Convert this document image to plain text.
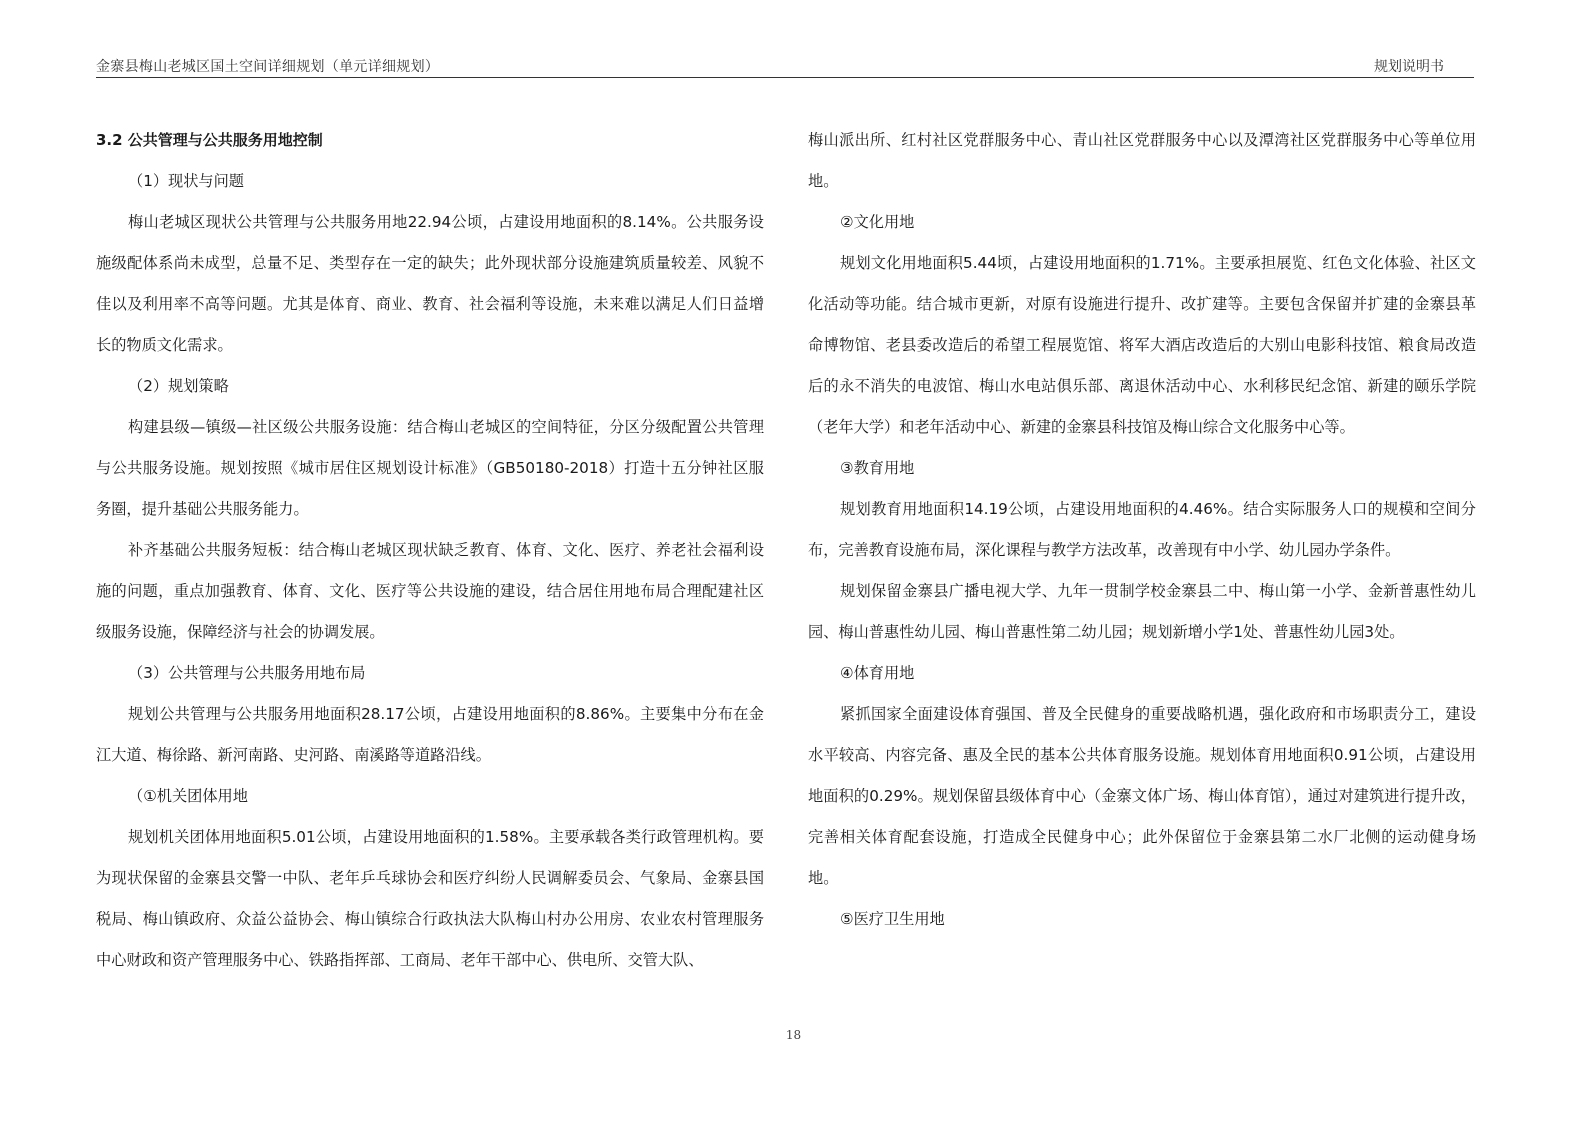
金寨县梅山老城区国土空间详细规划（单元详细规划）	规划说明书

3.2 公共管理与公共服务用地控制

（1）现状与问题

梅山老城区现状公共管理与公共服务用地22.94公顷，占建设用地面积的8.14%。公共服务设施级配体系尚未成型，总量不足、类型存在一定的缺失；此外现状部分设施建筑质量较差、风貌不佳以及利用率不高等问题。尤其是体育、商业、教育、社会福利等设施，未来难以满足人们日益增长的物质文化需求。

（2）规划策略

构建县级—镇级—社区级公共服务设施：结合梅山老城区的空间特征，分区分级配置公共管理与公共服务设施。规划按照《城市居住区规划设计标准》（GB50180-2018）打造十五分钟社区服务圈，提升基础公共服务能力。

补齐基础公共服务短板：结合梅山老城区现状缺乏教育、体育、文化、医疗、养老社会福利设施的问题，重点加强教育、体育、文化、医疗等公共设施的建设，结合居住用地布局合理配建社区级服务设施，保障经济与社会的协调发展。

（3）公共管理与公共服务用地布局

规划公共管理与公共服务用地面积28.17公顷，占建设用地面积的8.86%。主要集中分布在金江大道、梅徐路、新河南路、史河路、南溪路等道路沿线。

（①机关团体用地

规划机关团体用地面积5.01公顷，占建设用地面积的1.58%。主要承载各类行政管理机构。要为现状保留的金寨县交警一中队、老年乒乓球协会和医疗纠纷人民调解委员会、气象局、金寨县国税局、梅山镇政府、众益公益协会、梅山镇综合行政执法大队梅山村办公用房、农业农村管理服务中心财政和资产管理服务中心、铁路指挥部、工商局、老年干部中心、供电所、交管大队、

梅山派出所、红村社区党群服务中心、青山社区党群服务中心以及潭湾社区党群服务中心等单位用地。

②文化用地

规划文化用地面积5.44顷，占建设用地面积的1.71%。主要承担展览、红色文化体验、社区文化活动等功能。结合城市更新，对原有设施进行提升、改扩建等。主要包含保留并扩建的金寨县革命博物馆、老县委改造后的希望工程展览馆、将军大酒店改造后的大别山电影科技馆、粮食局改造后的永不消失的电波馆、梅山水电站俱乐部、离退休活动中心、水利移民纪念馆、新建的颐乐学院（老年大学）和老年活动中心、新建的金寨县科技馆及梅山综合文化服务中心等。

③教育用地

规划教育用地面积14.19公顷，占建设用地面积的4.46%。结合实际服务人口的规模和空间分布，完善教育设施布局，深化课程与教学方法改革，改善现有中小学、幼儿园办学条件。

规划保留金寨县广播电视大学、九年一贯制学校金寨县二中、梅山第一小学、金新普惠性幼儿园、梅山普惠性幼儿园、梅山普惠性第二幼儿园；规划新增小学1处、普惠性幼儿园3处。

④体育用地

紧抓国家全面建设体育强国、普及全民健身的重要战略机遇，强化政府和市场职责分工，建设水平较高、内容完备、惠及全民的基本公共体育服务设施。规划体育用地面积0.91公顷，占建设用地面积的0.29%。规划保留县级体育中心（金寨文体广场、梅山体育馆），通过对建筑进行提升改，完善相关体育配套设施，打造成全民健身中心；此外保留位于金寨县第二水厂北侧的运动健身场地。

⑤医疗卫生用地

18
